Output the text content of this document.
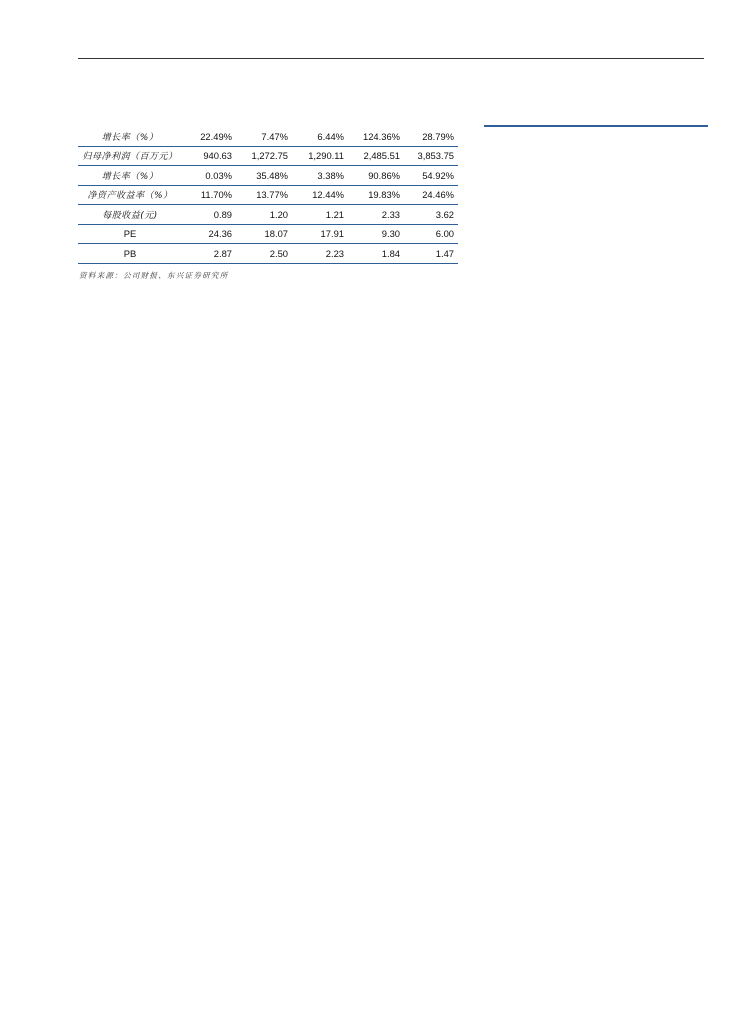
增长率（%）	22.49%	7.47%	6.44%	124.36%	28.79%
归母净利润（百万元）	940.63	1,272.75	1,290.11	2,485.51	3,853.75
增长率（%）	0.03%	35.48%	3.38%	90.86%	54.92%
净资产收益率（%）	11.70%	13.77%	12.44%	19.83%	24.46%
每股收益(元)	0.89	1.20	1.21	2.33	3.62
PE	24.36	18.07	17.91	9.30	6.00
PB	2.87	2.50	2.23	1.84	1.47
资料来源：公司财报、东兴证券研究所
